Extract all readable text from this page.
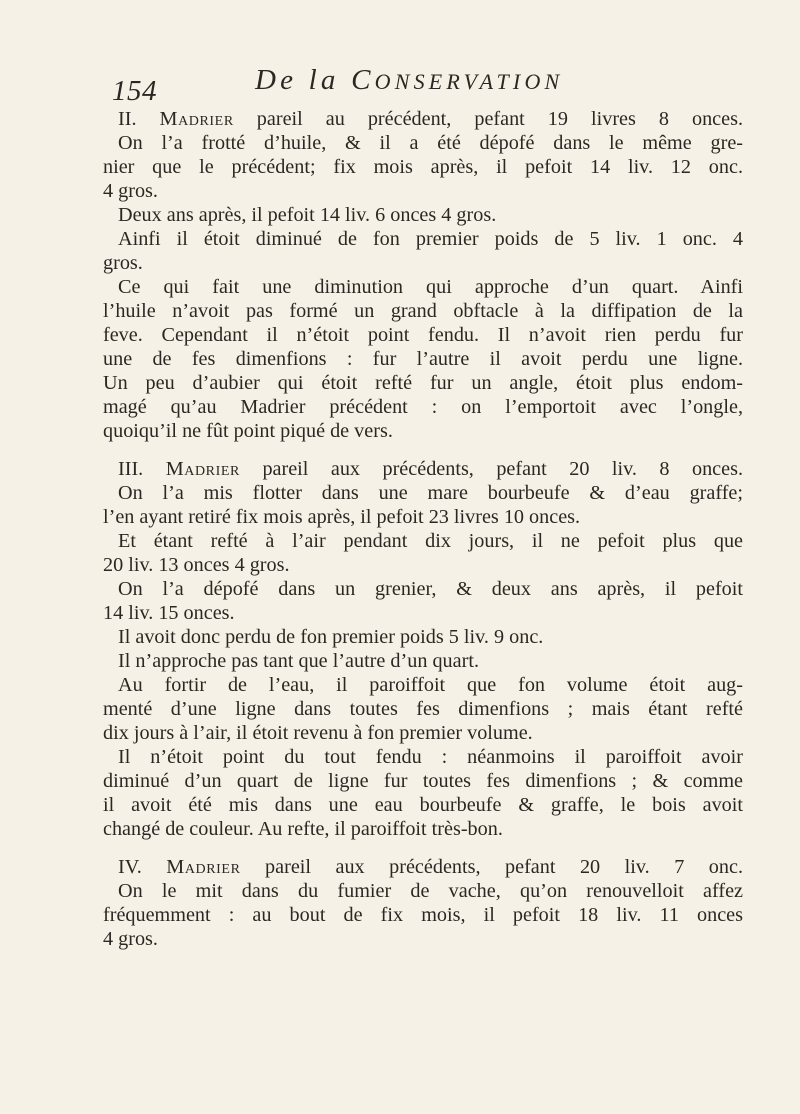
154	De la CONSERVATION
II. Madrier pareil au précédent, pefant 19 livres 8 onces.
On l’a frotté d’huile, & il a été dépofé dans le même gre-
nier que le précédent; fix mois après, il pefoit 14 liv. 12 onc.
4 gros.
Deux ans après, il pefoit 14 liv. 6 onces 4 gros.
Ainfi il étoit diminué de fon premier poids de 5 liv. 1 onc. 4
gros.
Ce qui fait une diminution qui approche d’un quart. Ainfi
l’huile n’avoit pas formé un grand obftacle à la diffipation de la
feve. Cependant il n’étoit point fendu. Il n’avoit rien perdu fur
une de fes dimenfions : fur l’autre il avoit perdu une ligne.
Un peu d’aubier qui étoit refté fur un angle, étoit plus endom-
magé qu’au Madrier précédent : on l’emportoit avec l’ongle,
quoiqu’il ne fût point piqué de vers.
III. Madrier pareil aux précédents, pefant 20 liv. 8 onces.
On l’a mis flotter dans une mare bourbeufe & d’eau graffe;
l’en ayant retiré fix mois après, il pefoit 23 livres 10 onces.
Et étant refté à l’air pendant dix jours, il ne pefoit plus que
20 liv. 13 onces 4 gros.
On l’a dépofé dans un grenier, & deux ans après, il pefoit
14 liv. 15 onces.
Il avoit donc perdu de fon premier poids 5 liv. 9 onc.
Il n’approche pas tant que l’autre d’un quart.
Au fortir de l’eau, il paroiffoit que fon volume étoit aug-
menté d’une ligne dans toutes fes dimenfions ; mais étant refté
dix jours à l’air, il étoit revenu à fon premier volume.
Il n’étoit point du tout fendu : néanmoins il paroiffoit avoir
diminué d’un quart de ligne fur toutes fes dimenfions ; & comme
il avoit été mis dans une eau bourbeufe & graffe, le bois avoit
changé de couleur. Au refte, il paroiffoit très-bon.
IV. Madrier pareil aux précédents, pefant 20 liv. 7 onc.
On le mit dans du fumier de vache, qu’on renouvelloit affez
fréquemment : au bout de fix mois, il pefoit 18 liv. 11 onces
4 gros.
